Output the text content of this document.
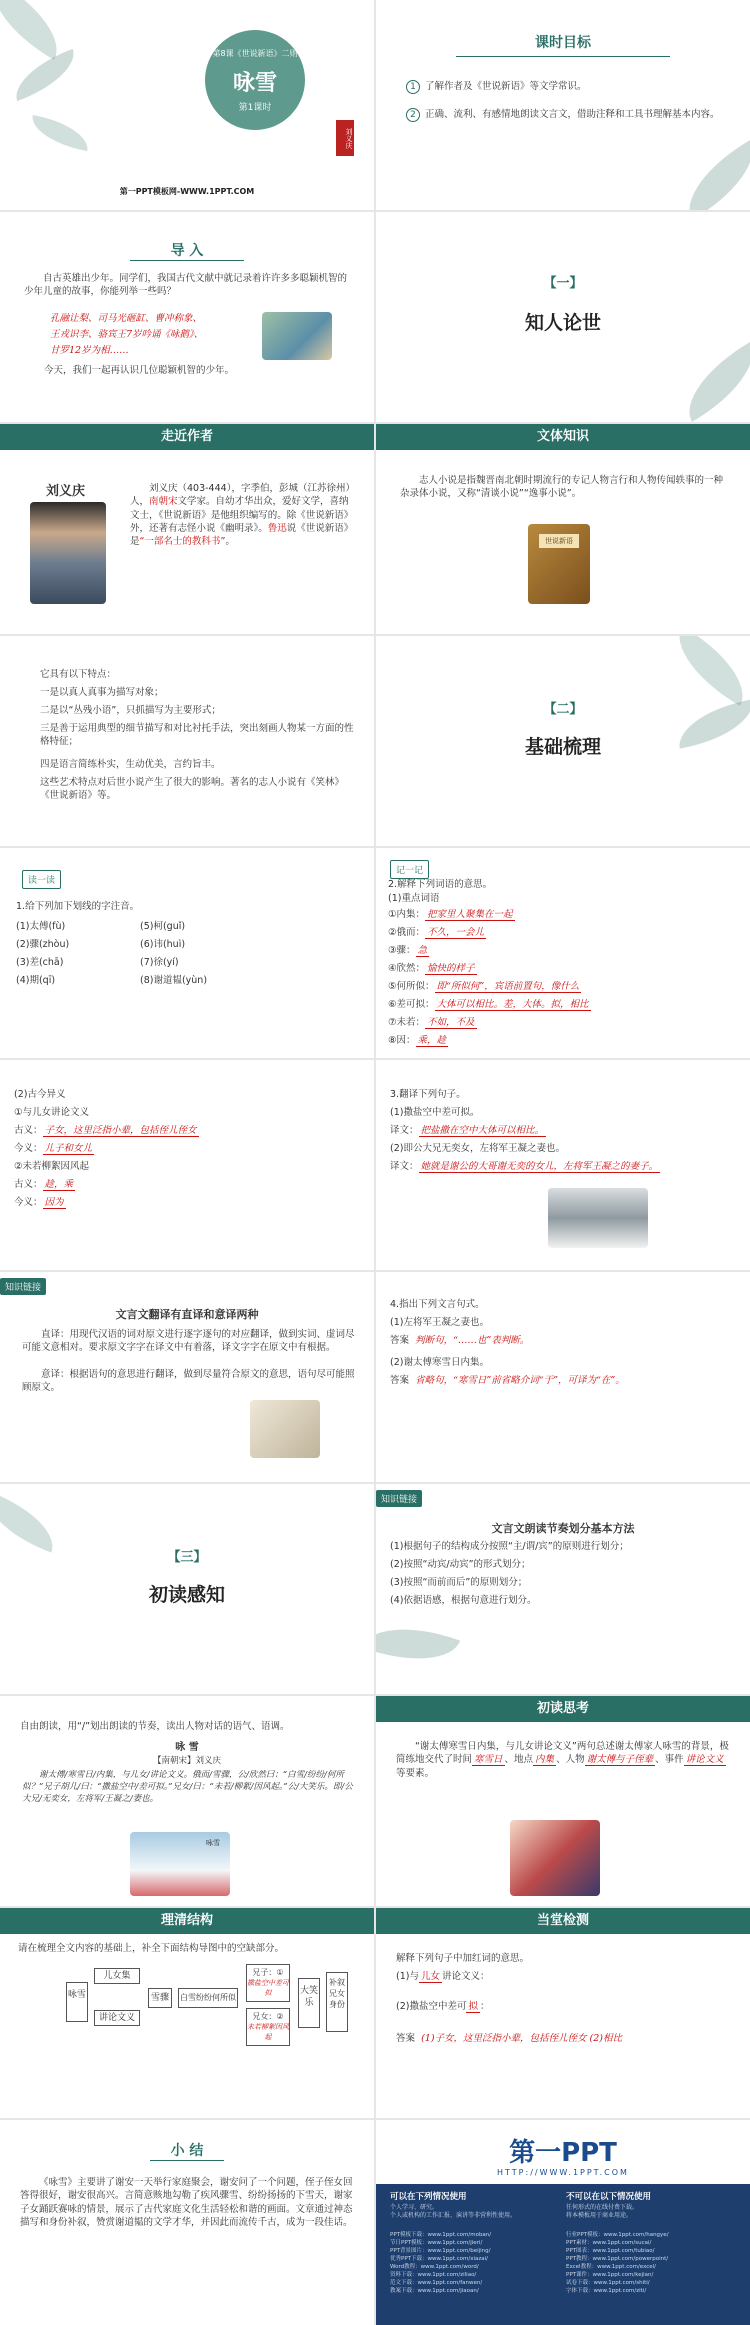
第8课《世说新语》二则
咏雪
第1课时
刘义庆
第一PPT模板网-WWW.1PPT.COM
课时目标
1 了解作者及《世说新语》等文学常识。
2 正确、流利、有感情地朗读文言文，借助注释和工具书理解基本内容。
导 入
自古英雄出少年。同学们，我国古代文献中就记录着许许多多聪颖机智的少年儿童的故事，你能列举一些吗？
孔融让梨、司马光砸缸、曹冲称象、
王戎识李、骆宾王7岁吟诵《咏鹅》、
甘罗12岁为相……
今天，我们一起再认识几位聪颖机智的少年。
【一】
知人论世
走近作者
刘义庆	刘义庆（403-444），字季伯，彭城（江苏徐州）人，南朝宋文学家。自幼才华出众，爱好文学，喜纳文士，《世说新语》是他组织编写的。除《世说新语》外，还著有志怪小说《幽明录》。鲁迅说《世说新语》是“一部名士的教科书”。
文体知识
志人小说是指魏晋南北朝时期流行的专记人物言行和人物传闻轶事的一种杂录体小说，又称“清谈小说”“逸事小说”。
世说新语
它具有以下特点：
一是以真人真事为描写对象；
二是以“丛残小语”，只抓描写为主要形式；
三是善于运用典型的细节描写和对比衬托手法，突出刻画人物某一方面的性格特征；
四是语言简练朴实，生动优美，言约旨丰。
这些艺术特点对后世小说产生了很大的影响。著名的志人小说有《笑林》《世说新语》等。
【二】
基础梳理
读一读
1.给下列加下划线的字注音。
(1)太傅(fù)
(2)骤(zhòu)
(3)差(chā)
(4)期(qī)
(5)柯(guǐ)
(6)讳(huì)
(7)徐(yí)
(8)谢道韫(yùn)
记一记
2.解释下列词语的意思。
(1)重点词语
①内集： 把家里人聚集在一起
②俄而： 不久，一会儿
③骤： 急
④欣然： 愉快的样子
⑤何所似： 即“所似何”，宾语前置句，像什么
⑥差可拟： 大体可以相比。差，大体。拟，相比
⑦未若： 不如，不及
⑧因： 乘，趁
(2)古今异义
①与儿女讲论文义
古义： 子女，这里泛指小辈，包括侄儿侄女
今义： 儿子和女儿
②未若柳絮因风起
古义： 趁，乘
今义： 因为
3.翻译下列句子。
(1)撒盐空中差可拟。
译文： 把盐撒在空中大体可以相比。
(2)即公大兄无奕女，左将军王凝之妻也。
译文： 她就是谢公的大哥谢无奕的女儿，左将军王凝之的妻子。
知识链接
文言文翻译有直译和意译两种
直译：用现代汉语的词对原文进行逐字逐句的对应翻译，做到实词、虚词尽可能文意相对。要求原文字字在译文中有着落，译文字字在原文中有根据。
意译：根据语句的意思进行翻译，做到尽量符合原文的意思，语句尽可能照顾原文。
4.指出下列文言句式。
(1)左将军王凝之妻也。
答案 判断句，“……也”表判断。
(2)谢太傅寒雪日内集。
答案 省略句，“寒雪日”前省略介词“于”，可译为“在”。
【三】
初读感知
知识链接
文言文朗读节奏划分基本方法
(1)根据句子的结构成分按照“主/谓/宾”的原则进行划分；
(2)按照“动宾/动宾”的形式划分；
(3)按照“而前而后”的原则划分；
(4)依据语感，根据句意进行划分。
自由朗读，用“/”划出朗读的节奏，读出人物对话的语气、语调。
咏 雪
【南朝宋】刘义庆
谢太傅/寒雪日/内集，与儿女/讲论文义。俄而/雪骤，公/欣然曰：“白雪/纷纷/何所似？”兄子胡儿/曰：“撒盐空中/差可拟。”兄女/曰：“未若/柳絮/因风起。”公/大笑乐。即/公大兄/无奕女，左将军/王凝之/妻也。
咏雪
初读思考
“谢太傅寒雪日内集，与儿女讲论文义”两句总述谢太傅家人咏雪的背景，极简练地交代了时间 寒雪日 、地点 内集 、人物 谢太傅与子侄辈 、事件 讲论文义等要素。
理清结构
请在梳理全文内容的基础上，补全下面结构导图中的空缺部分。
咏雪
儿女集
讲论文义
雪骤	白雪纷纷何所似
兄子：①
撒盐空中差可拟
兄女：②
未若柳絮因风起
大笑乐
补叙兄女身份
当堂检测
解释下列句子中加红词的意思。
(1)与 儿女 讲论文义：
(2)撒盐空中差可 拟 ：
答案 (1)子女，这里泛指小辈，包括侄儿侄女 (2)相比
小 结
《咏雪》主要讲了谢安一天举行家庭聚会，谢安问了一个问题，侄子侄女回答得很好，谢安很高兴。言简意赅地勾勒了疾风骤雪、纷纷扬扬的下雪天，谢家子女踊跃赛咏的情景，展示了古代家庭文化生活轻松和谐的画面。文章通过神态描写和身份补叙，赞赏谢道韫的文学才华，并因此而流传千古，成为一段佳话。
第一PPT
HTTP://WWW.1PPT.COM
可以在下列情况使用	不可以在以下情况使用
个人学习、研究。
个人或机构的工作汇报、演讲等非营利性使用。
任何形式的在线付费下载。
将本模板用于商业用途。
PPT模板下载：www.1ppt.com/moban/
节日PPT模板：www.1ppt.com/jieri/
PPT背景图片：www.1ppt.com/beijing/
优秀PPT下载：www.1ppt.com/xiazai/
Word教程：www.1ppt.com/word/
资料下载：www.1ppt.com/ziliao/
范文下载：www.1ppt.com/fanwen/
教案下载：www.1ppt.com/jiaoan/
行业PPT模板：www.1ppt.com/hangye/
PPT素材：www.1ppt.com/sucai/
PPT图表：www.1ppt.com/tubiao/
PPT教程：www.1ppt.com/powerpoint/
Excel教程：www.1ppt.com/excel/
PPT课件：www.1ppt.com/kejian/
试卷下载：www.1ppt.com/shiti/
字体下载：www.1ppt.com/ziti/
